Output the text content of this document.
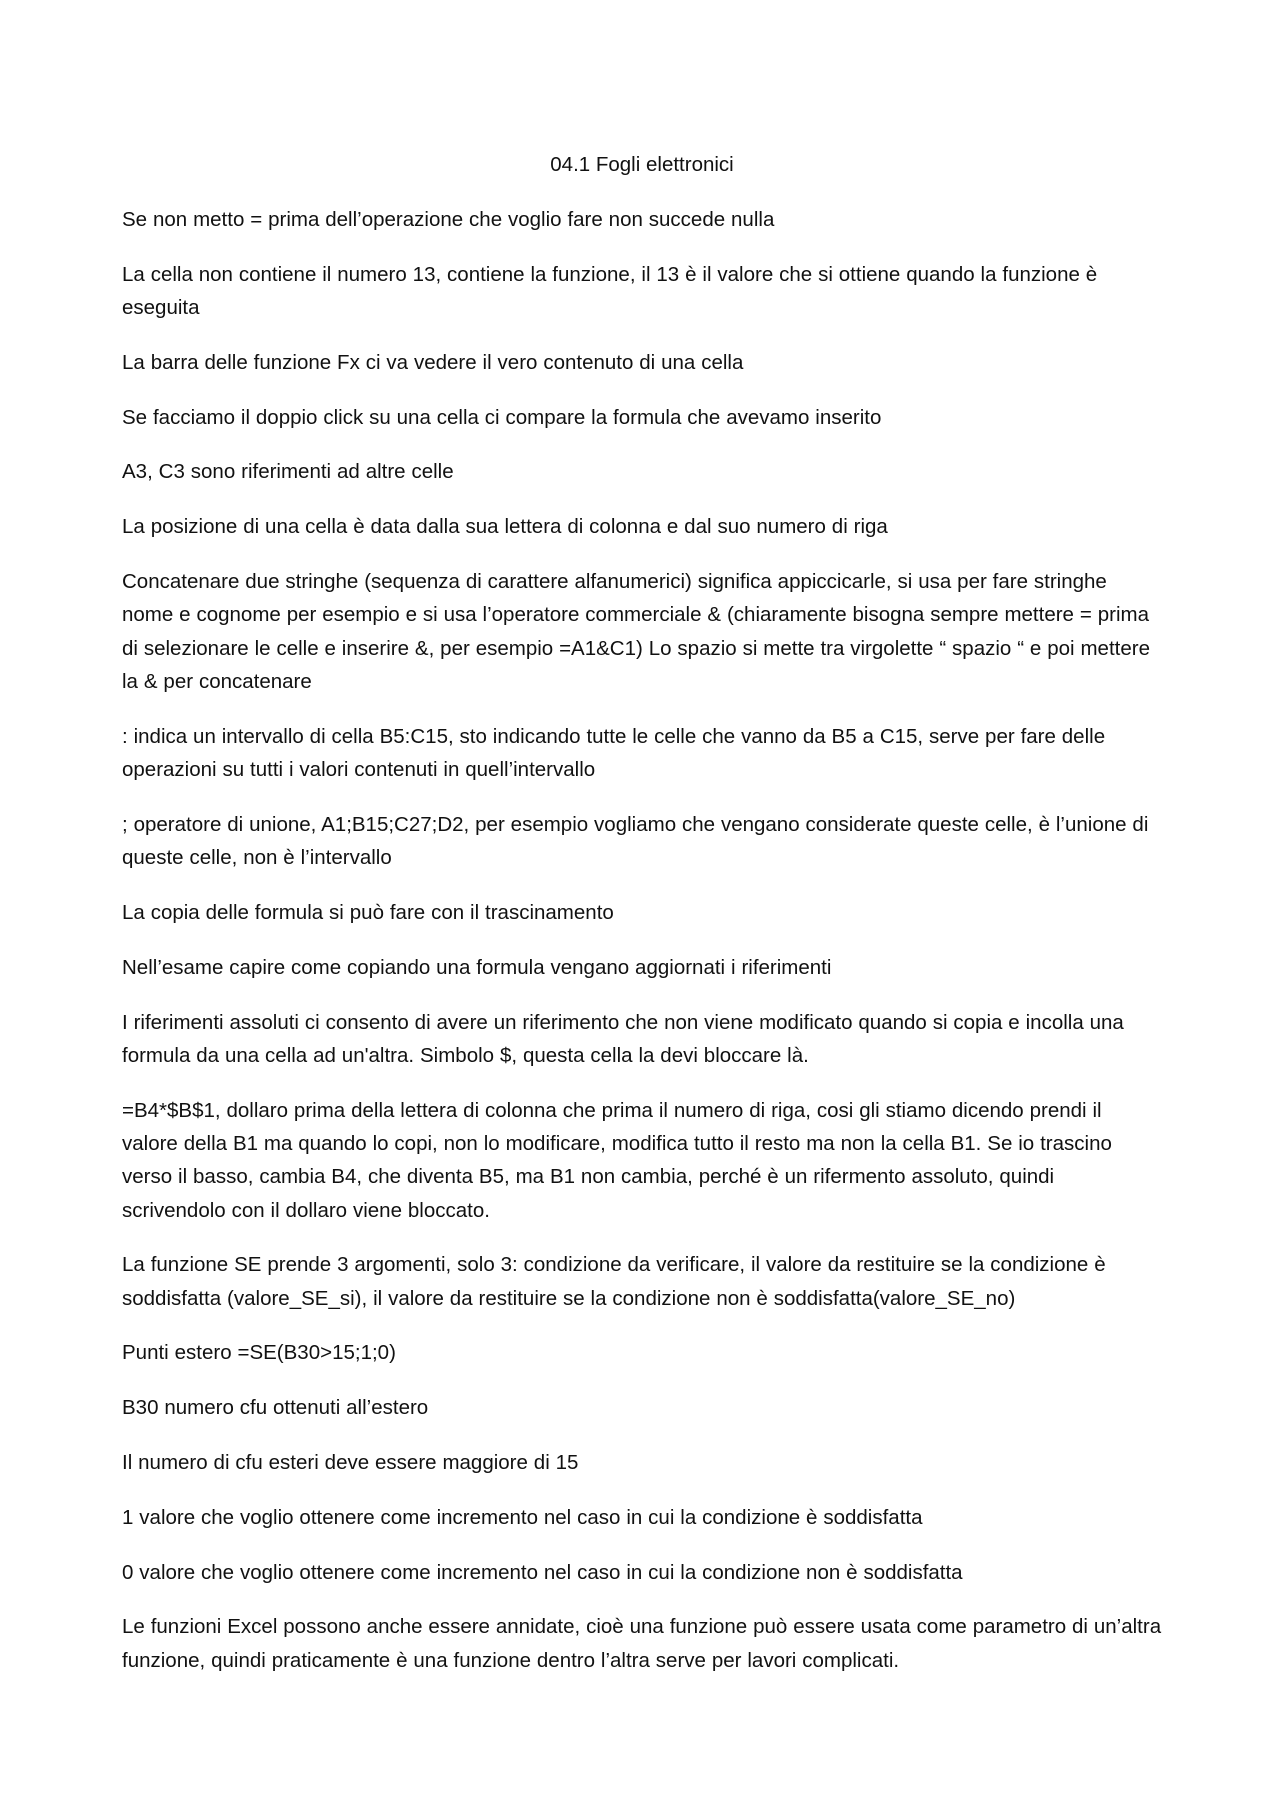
04.1 Fogli elettronici

Se non metto = prima dell’operazione che voglio fare non succede nulla

La cella non contiene il numero 13, contiene la funzione, il 13 è il valore che si ottiene quando la funzione è eseguita

La barra delle funzione Fx ci va vedere il vero contenuto di una cella

Se facciamo il doppio click su una cella ci compare la formula che avevamo inserito

A3, C3 sono riferimenti ad altre celle

La posizione di una cella è data dalla sua lettera di colonna e dal suo numero di riga

Concatenare due stringhe (sequenza di carattere alfanumerici) significa appiccicarle, si usa per fare stringhe nome e cognome per esempio e si usa l’operatore commerciale & (chiaramente bisogna sempre mettere = prima di selezionare le celle e inserire &, per esempio =A1&C1) Lo spazio si mette tra virgolette “ spazio “ e poi mettere la & per concatenare

: indica un intervallo di cella B5:C15, sto indicando tutte le celle che vanno da B5 a C15, serve per fare delle operazioni su tutti i valori contenuti in quell’intervallo

; operatore di unione, A1;B15;C27;D2, per esempio vogliamo che vengano considerate queste celle, è l’unione di queste celle, non è l’intervallo

La copia delle formula si può fare con il trascinamento

Nell’esame capire come copiando una formula vengano aggiornati i riferimenti

I riferimenti assoluti ci consento di avere un riferimento che non viene modificato quando si copia e incolla una formula da una cella ad un'altra. Simbolo $, questa cella la devi bloccare là.

=B4*$B$1, dollaro prima della lettera di colonna che prima il numero di riga, cosi gli stiamo dicendo prendi il valore della B1 ma quando lo copi, non lo modificare, modifica tutto il resto ma non la cella B1. Se io trascino verso il basso, cambia B4, che diventa B5, ma B1 non cambia, perché è un rifermento assoluto, quindi scrivendolo con il dollaro viene bloccato.

La funzione SE prende 3 argomenti, solo 3: condizione da verificare, il valore da restituire se la condizione è soddisfatta (valore_SE_si), il valore da restituire se la condizione non è soddisfatta(valore_SE_no)

Punti estero =SE(B30>15;1;0)

B30 numero cfu ottenuti all’estero

Il numero di cfu esteri deve essere maggiore di 15

1 valore che voglio ottenere come incremento nel caso in cui la condizione è soddisfatta

0 valore che voglio ottenere come incremento nel caso in cui la condizione non è soddisfatta

Le funzioni Excel possono anche essere annidate, cioè una funzione può essere usata come parametro di un’altra funzione, quindi praticamente è una funzione dentro l’altra serve per lavori complicati.
